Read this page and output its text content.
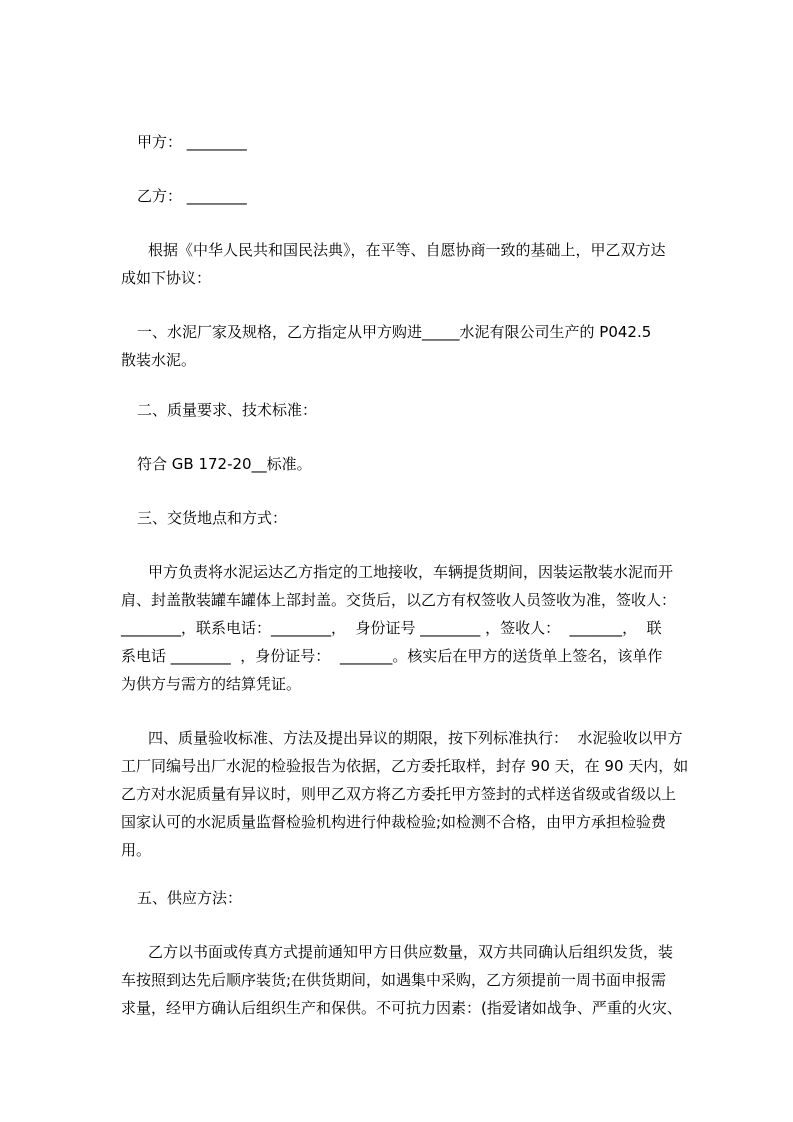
甲方： ________
乙方： ________
根据《中华人民共和国民法典》，在平等、自愿协商一致的基础上，甲乙双方达
成如下协议：
一、水泥厂家及规格，乙方指定从甲方购进_____水泥有限公司生产的 P042.5
散装水泥。
二、质量要求、技术标准：
符合 GB 172-20__标准。
三、交货地点和方式：
甲方负责将水泥运达乙方指定的工地接收，车辆提货期间，因装运散装水泥而开
肩、封盖散装罐车罐体上部封盖。交货后，以乙方有权签收人员签收为准，签收人：
________，联系电话：________，  身份证号 ________ ，签收人：  _______，  联
系电话 ________  ，身份证号：  _______。核实后在甲方的送货单上签名，该单作
为供方与需方的结算凭证。
四、质量验收标准、方法及提出异议的期限，按下列标准执行：  水泥验收以甲方
工厂同编号出厂水泥的检验报告为依据，乙方委托取样，封存 90 天，在 90 天内，如
乙方对水泥质量有异议时，则甲乙双方将乙方委托甲方签封的式样送省级或省级以上
国家认可的水泥质量监督检验机构进行仲裁检验;如检测不合格，由甲方承担检验费
用。
五、供应方法：
乙方以书面或传真方式提前通知甲方日供应数量，双方共同确认后组织发货，装
车按照到达先后顺序装货;在供货期间，如遇集中采购，乙方须提前一周书面申报需
求量，经甲方确认后组织生产和保供。不可抗力因素：(指爱诸如战争、严重的火灾、
